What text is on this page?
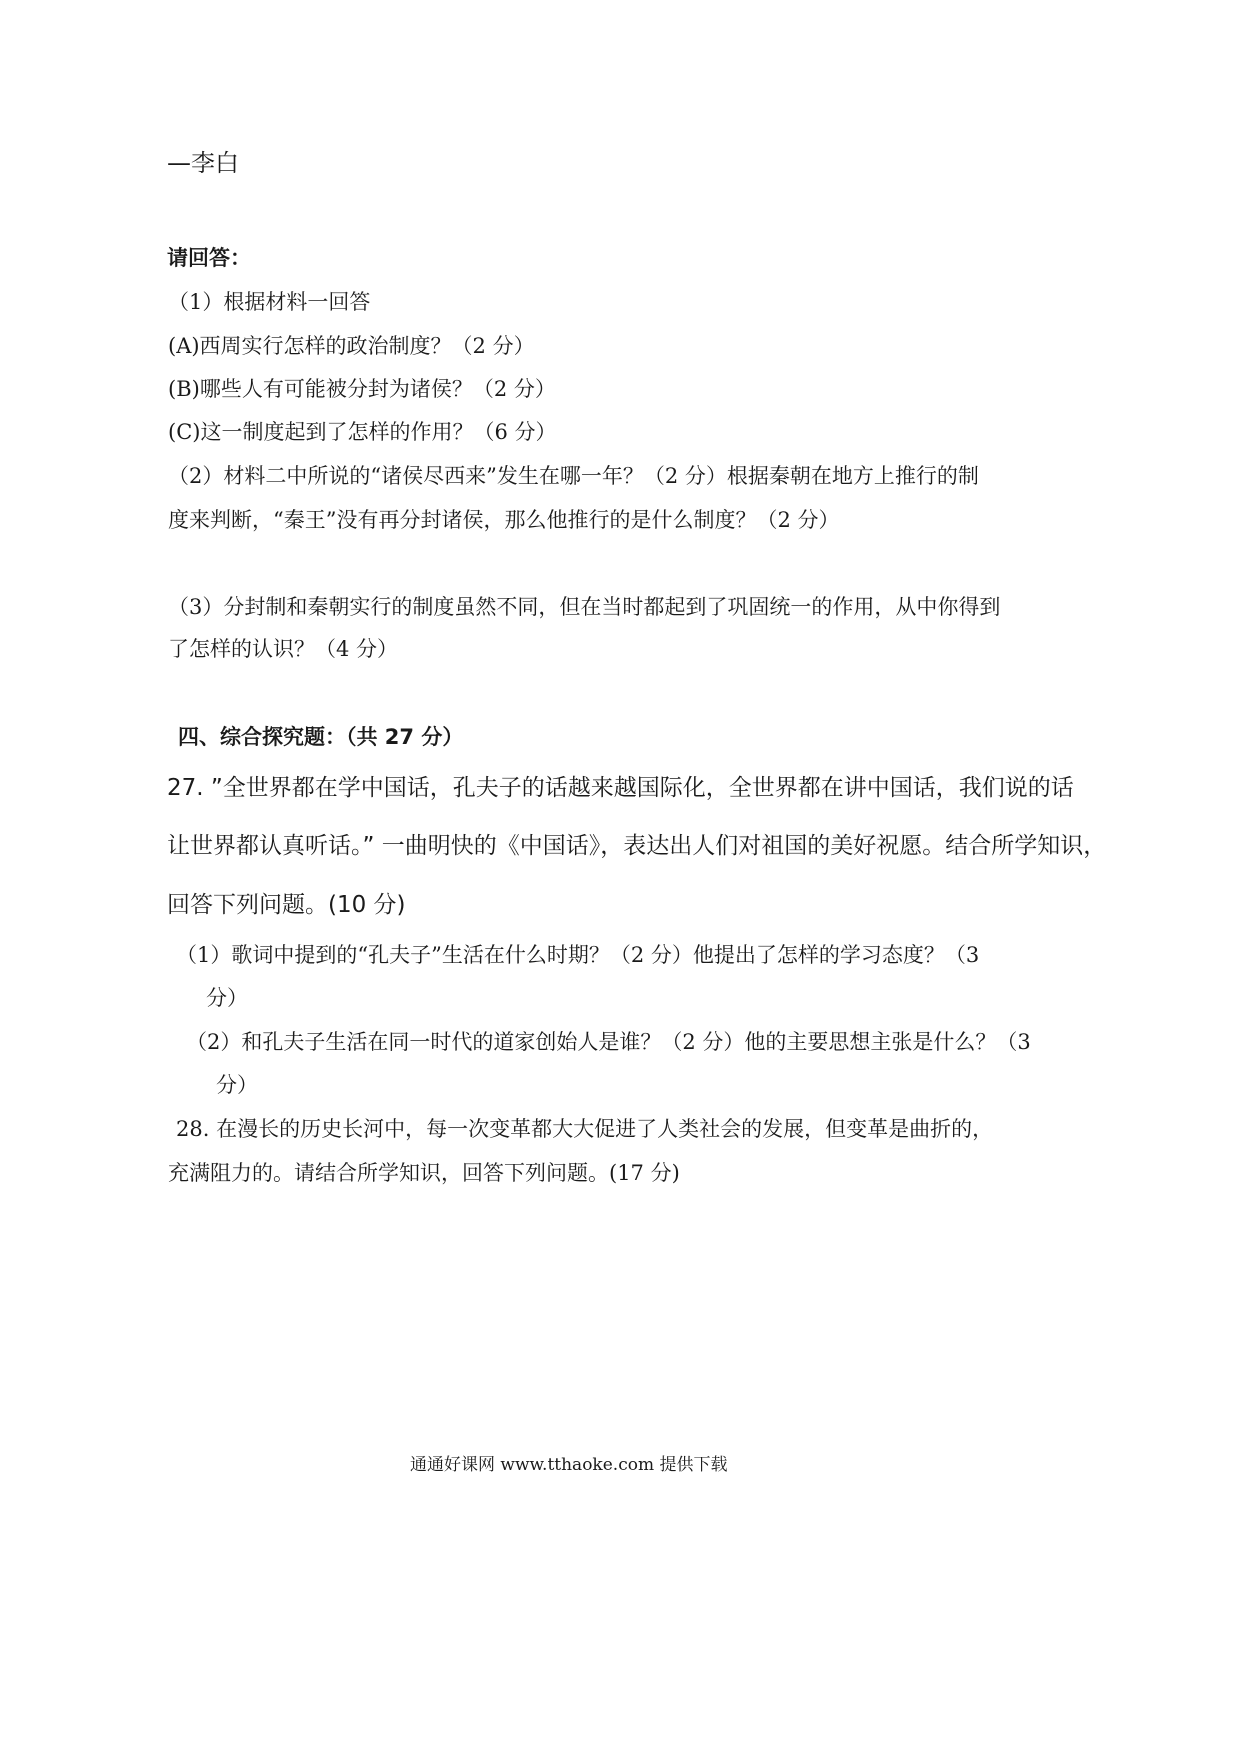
—李白
请回答：
（1）根据材料一回答
(A)西周实行怎样的政治制度？（2 分）
(B)哪些人有可能被分封为诸侯？（2 分）
(C)这一制度起到了怎样的作用？（6 分）
（2）材料二中所说的“诸侯尽西来”发生在哪一年？（2 分）根据秦朝在地方上推行的制
度来判断，“秦王”没有再分封诸侯，那么他推行的是什么制度？（2 分）
（3）分封制和秦朝实行的制度虽然不同，但在当时都起到了巩固统一的作用，从中你得到
了怎样的认识？（4 分）
四、综合探究题：（共 27 分）
27. ”全世界都在学中国话，孔夫子的话越来越国际化，全世界都在讲中国话，我们说的话
让世界都认真听话。” 一曲明快的《中国话》，表达出人们对祖国的美好祝愿。结合所学知识，
回答下列问题。(10 分)
（1）歌词中提到的“孔夫子”生活在什么时期？（2 分）他提出了怎样的学习态度？（3
分）
（2）和孔夫子生活在同一时代的道家创始人是谁？（2 分）他的主要思想主张是什么？（3
分）
28. 在漫长的历史长河中，每一次变革都大大促进了人类社会的发展，但变革是曲折的，
充满阻力的。请结合所学知识，回答下列问题。(17 分)
通通好课网 www.tthaoke.com 提供下载
